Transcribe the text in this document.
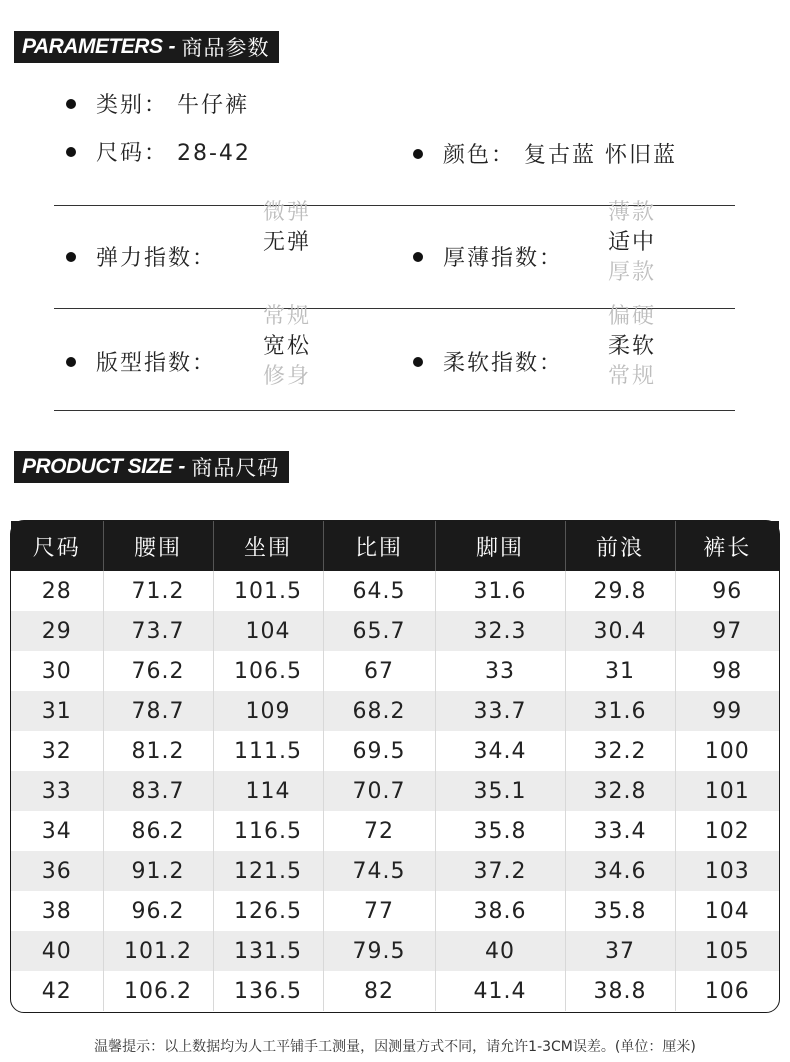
PARAMETERS - 商品参数
类别： 牛仔裤
尺码： 28-42	颜色： 复古蓝 怀旧蓝
弹力指数：
微弹
无弹
厚薄指数：
薄款
适中
厚款
版型指数：
常规
宽松
修身
柔软指数：
偏硬
柔软
常规
PRODUCT SIZE - 商品尺码
尺码	腰围	坐围	比围	脚围	前浪	裤长
28	71.2	101.5	64.5	31.6	29.8	96
29	73.7	104	65.7	32.3	30.4	97
30	76.2	106.5	67	33	31	98
31	78.7	109	68.2	33.7	31.6	99
32	81.2	111.5	69.5	34.4	32.2	100
33	83.7	114	70.7	35.1	32.8	101
34	86.2	116.5	72	35.8	33.4	102
36	91.2	121.5	74.5	37.2	34.6	103
38	96.2	126.5	77	38.6	35.8	104
40	101.2	131.5	79.5	40	37	105
42	106.2	136.5	82	41.4	38.8	106
温馨提示：以上数据均为人工平铺手工测量，因测量方式不同，请允许1-3CM误差。(单位：厘米)
